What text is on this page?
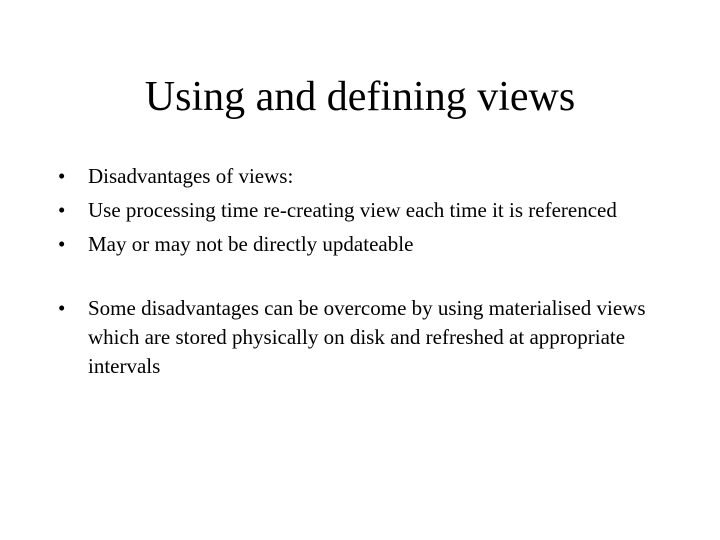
Using and defining views
•	Disadvantages of views:
•	Use processing time re-creating view each time it is referenced
•	May or may not be directly updateable
•	Some disadvantages can be overcome by using materialised views which are stored physically on disk and refreshed at appropriate intervals
